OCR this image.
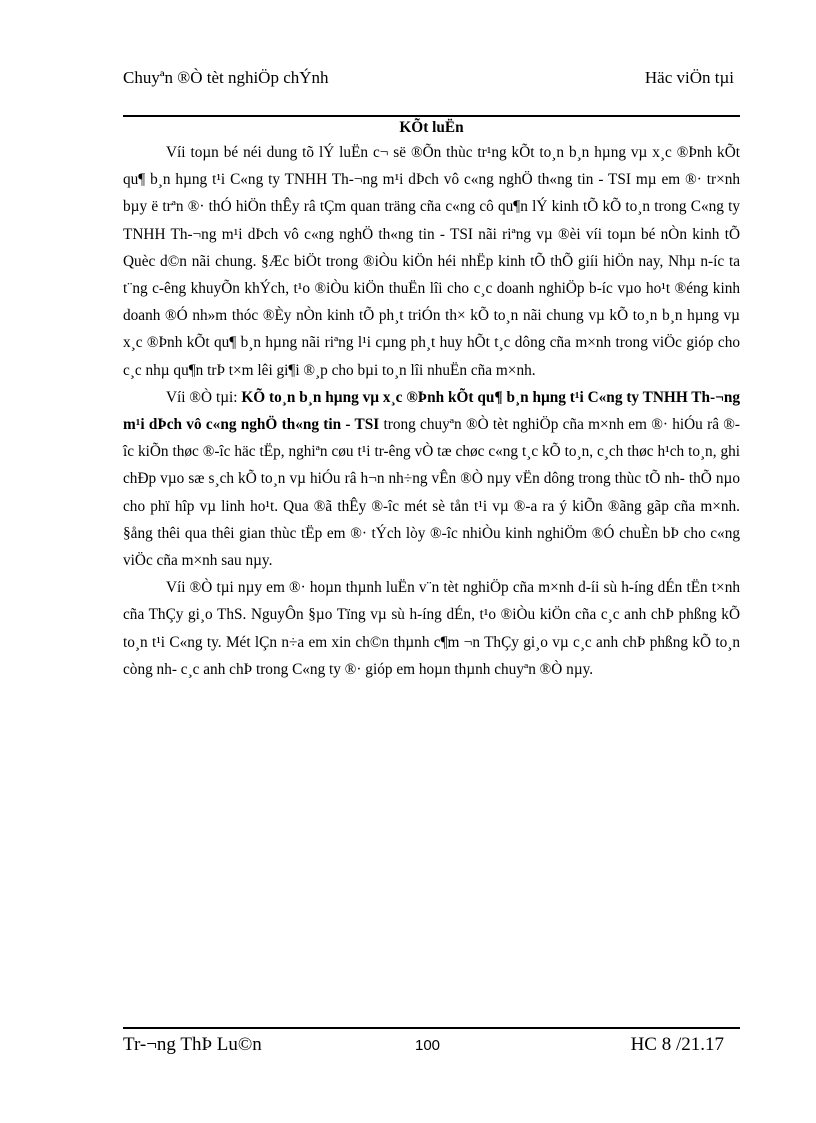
Chuyªn ®Ò tèt nghiÖp chÝnh	Häc viÖn tµi

KÕt luËn

Víi toµn bé néi dung tõ lÝ luËn c¬ së ®Õn thùc tr¹ng kÕt to¸n b¸n hµng vµ x¸c ®Þnh kÕt qu¶ b¸n hµng t¹i C«ng ty TNHH Th-¬ng m¹i dÞch vô c«ng nghÖ th«ng tin - TSI mµ em ®· tr×nh bµy ë trªn ®· thÓ hiÖn thÊy râ tÇm quan träng cña c«ng cô qu¶n lÝ kinh tÕ kÕ to¸n trong C«ng ty TNHH Th-¬ng m¹i dÞch vô c«ng nghÖ th«ng tin - TSI nãi riªng vµ ®èi víi toµn bé nÒn kinh tÕ Quèc d©n nãi chung. §Æc biÖt trong ®iÒu kiÖn héi nhËp kinh tÕ thÕ giíi hiÖn nay, Nhµ n-íc ta t¨ng c-êng khuyÕn khÝch, t¹o ®iÒu kiÖn thuËn lîi cho c¸c doanh nghiÖp b-íc vµo ho¹t ®éng kinh doanh ®Ó nh»m thóc ®Èy nÒn kinh tÕ ph¸t triÓn th× kÕ to¸n nãi chung vµ kÕ to¸n b¸n hµng vµ x¸c ®Þnh kÕt qu¶ b¸n hµng nãi riªng l¹i cµng ph¸t huy hÕt t¸c dông cña m×nh trong viÖc gióp cho c¸c nhµ qu¶n trÞ t×m lêi gi¶i ®¸p cho bµi to¸n lîi nhuËn cña m×nh.

Víi ®Ò tµi: KÕ to¸n b¸n hµng vµ x¸c ®Þnh kÕt qu¶ b¸n hµng t¹i C«ng ty TNHH Th-¬ng m¹i dÞch vô c«ng nghÖ th«ng tin - TSI trong chuyªn ®Ò tèt nghiÖp cña m×nh em ®· hiÓu râ ®-îc kiÕn thøc ®-îc häc tËp, nghiªn cøu t¹i tr-êng vÒ tæ chøc c«ng t¸c kÕ to¸n, c¸ch thøc h¹ch to¸n, ghi chÐp vµo sæ s¸ch kÕ to¸n vµ hiÓu râ h¬n nh÷ng vÊn ®Ò nµy vËn dông trong thùc tÕ nh- thÕ nµo cho phï hîp vµ linh ho¹t. Qua ®ã thÊy ®-îc mét sè tån t¹i vµ ®-a ra ý kiÕn ®ãng gãp cña m×nh. §ång thêi qua thêi gian thùc tËp em ®· tÝch lòy ®-îc nhiÒu kinh nghiÖm ®Ó chuÈn bÞ cho c«ng viÖc cña m×nh sau nµy.

Víi ®Ò tµi nµy em ®· hoµn thµnh luËn v¨n tèt nghiÖp cña m×nh d-íi sù h-íng dÉn tËn t×nh cña ThÇy gi¸o ThS. NguyÔn §µo Tïng vµ sù h-íng dÉn, t¹o ®iÒu kiÖn cña c¸c anh chÞ phßng kÕ to¸n t¹i C«ng ty. Mét lÇn n÷a em xin ch©n thµnh c¶m ¬n ThÇy gi¸o vµ c¸c anh chÞ phßng kÕ to¸n còng nh- c¸c anh chÞ trong C«ng ty ®· gióp em hoµn thµnh chuyªn ®Ò nµy.

Tr-¬ng ThÞ Lu©n	100	HC 8 /21.17
